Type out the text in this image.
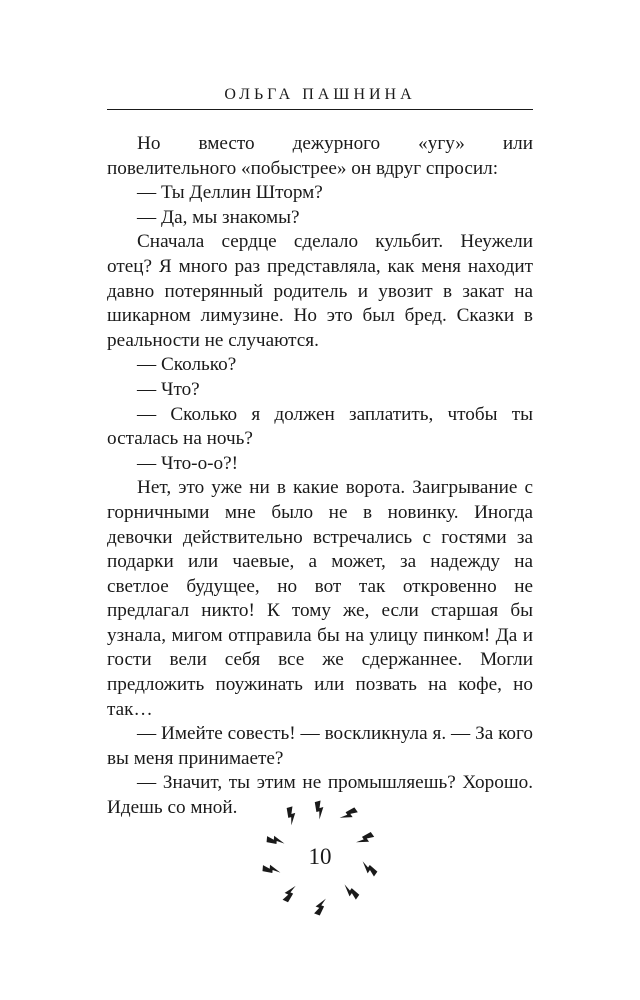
ОЛЬГА ПАШНИНА

Но вместо дежурного «угу» или повелительного «побыстрее» он вдруг спросил:

— Ты Деллин Шторм?

— Да, мы знакомы?

Сначала сердце сделало кульбит. Неужели отец? Я много раз представляла, как меня находит давно потерянный родитель и увозит в закат на шикарном лимузине. Но это был бред. Сказки в реальности не случаются.

— Сколько?

— Что?

— Сколько я должен заплатить, чтобы ты осталась на ночь?

— Что-о-о?!

Нет, это уже ни в какие ворота. Заигрывание с горничными мне было не в новинку. Иногда девочки действительно встречались с гостями за подарки или чаевые, а может, за надежду на светлое будущее, но вот так откровенно не предлагал никто! К тому же, если старшая бы узнала, мигом отправила бы на улицу пинком! Да и гости вели себя все же сдержаннее. Могли предложить поужинать или позвать на кофе, но так…

— Имейте совесть! — воскликнула я. — За кого вы меня принимаете?

— Значит, ты этим не промышляешь? Хорошо. Идешь со мной.

10
